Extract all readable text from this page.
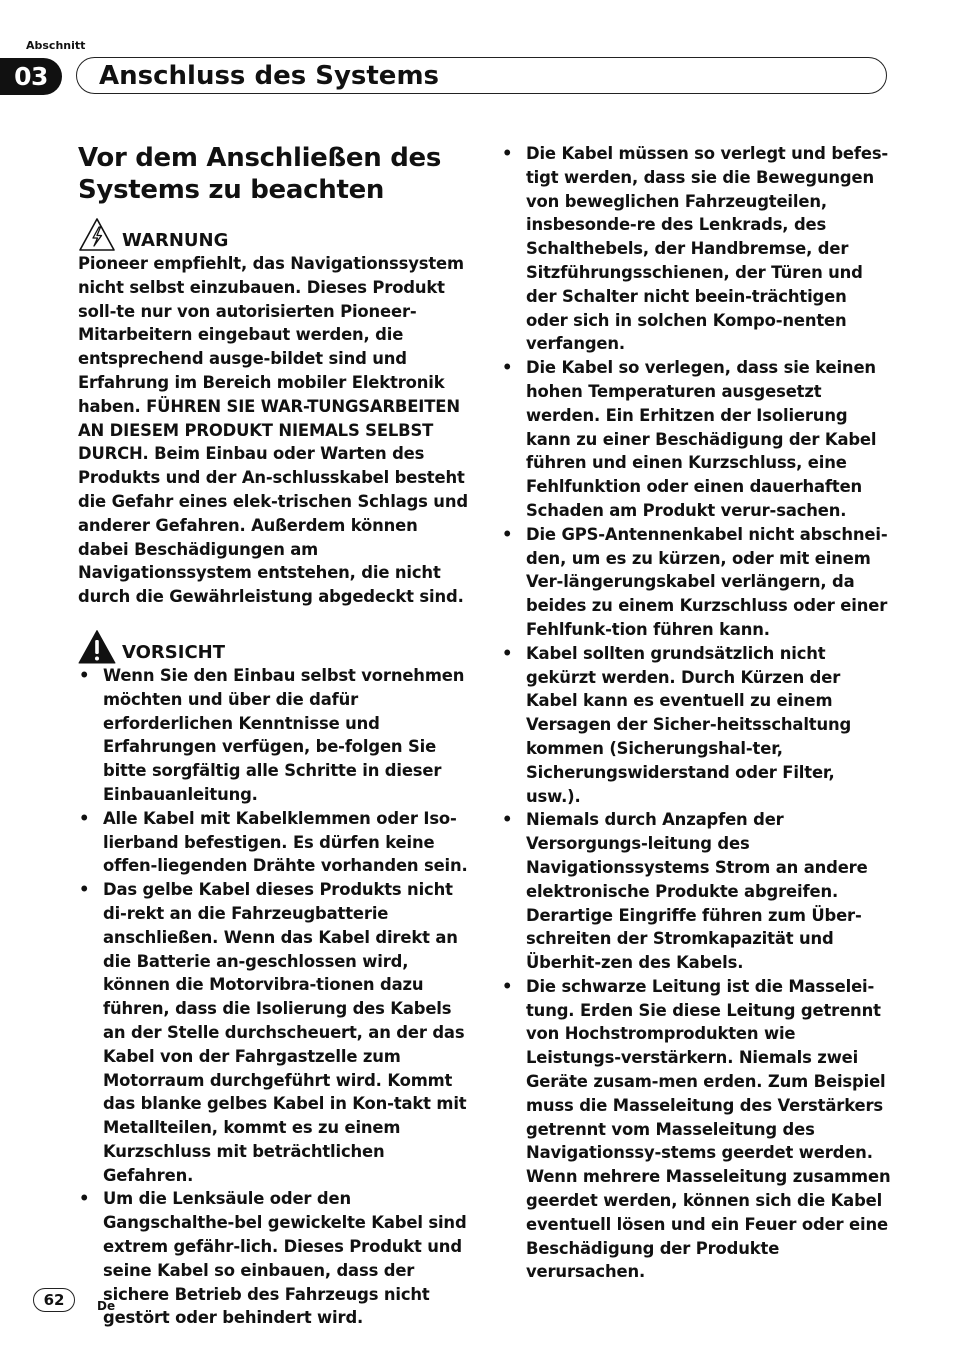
Abschnitt
03	Anschluss des Systems
Vor dem Anschließen des Systems zu beachten
WARNUNG

Pioneer empfiehlt, das Navigationssystem nicht selbst einzubauen. Dieses Produkt soll-te nur von autorisierten Pioneer-Mitarbeitern eingebaut werden, die entsprechend ausge-bildet sind und Erfahrung im Bereich mobiler Elektronik haben. FÜHREN SIE WAR-TUNGSARBEITEN AN DIESEM PRODUKT NIEMALS SELBST DURCH. Beim Einbau oder Warten des Produkts und der An-schlusskabel besteht die Gefahr eines elek-trischen Schlags und anderer Gefahren. Außerdem können dabei Beschädigungen am Navigationssystem entstehen, die nicht durch die Gewährleistung abgedeckt sind.

VORSICHT
• Wenn Sie den Einbau selbst vornehmen möchten und über die dafür erforderlichen Kenntnisse und Erfahrungen verfügen, be-folgen Sie bitte sorgfältig alle Schritte in dieser Einbauanleitung.
• Alle Kabel mit Kabelklemmen oder Iso-lierband befestigen. Es dürfen keine offen-liegenden Drähte vorhanden sein.
• Das gelbe Kabel dieses Produkts nicht di-rekt an die Fahrzeugbatterie anschließen. Wenn das Kabel direkt an die Batterie an-geschlossen wird, können die Motorvibra-tionen dazu führen, dass die Isolierung des Kabels an der Stelle durchscheuert, an der das Kabel von der Fahrgastzelle zum Motorraum durchgeführt wird. Kommt das blanke gelbes Kabel in Kon-takt mit Metallteilen, kommt es zu einem Kurzschluss mit beträchtlichen Gefahren.
• Um die Lenksäule oder den Gangschalthe-bel gewickelte Kabel sind extrem gefähr-lich. Dieses Produkt und seine Kabel so einbauen, dass der sichere Betrieb des Fahrzeugs nicht gestört oder behindert wird.
• Die Kabel müssen so verlegt und befes-tigt werden, dass sie die Bewegungen von beweglichen Fahrzeugteilen, insbesonde-re des Lenkrads, des Schalthebels, der Handbremse, der Sitzführungsschienen, der Türen und der Schalter nicht beein-trächtigen oder sich in solchen Kompo-nenten verfangen.
• Die Kabel so verlegen, dass sie keinen hohen Temperaturen ausgesetzt werden. Ein Erhitzen der Isolierung kann zu einer Beschädigung der Kabel führen und einen Kurzschluss, eine Fehlfunktion oder einen dauerhaften Schaden am Produkt verur-sachen.
• Die GPS-Antennenkabel nicht abschnei-den, um es zu kürzen, oder mit einem Ver-längerungskabel verlängern, da beides zu einem Kurzschluss oder einer Fehlfunk-tion führen kann.
• Kabel sollten grundsätzlich nicht gekürzt werden. Durch Kürzen der Kabel kann es eventuell zu einem Versagen der Sicher-heitsschaltung kommen (Sicherungshal-ter, Sicherungswiderstand oder Filter, usw.).
• Niemals durch Anzapfen der Versorgungs-leitung des Navigationssystems Strom an andere elektronische Produkte abgreifen. Derartige Eingriffe führen zum Über-schreiten der Stromkapazität und Überhit-zen des Kabels.
• Die schwarze Leitung ist die Masselei-tung. Erden Sie diese Leitung getrennt von Hochstromprodukten wie Leistungs-verstärkern. Niemals zwei Geräte zusam-men erden. Zum Beispiel muss die Masseleitung des Verstärkers getrennt vom Masseleitung des Navigationssy-stems geerdet werden. Wenn mehrere Masseleitung zusammen geerdet werden, können sich die Kabel eventuell lösen und ein Feuer oder eine Beschädigung der Produkte verursachen.
62	De
